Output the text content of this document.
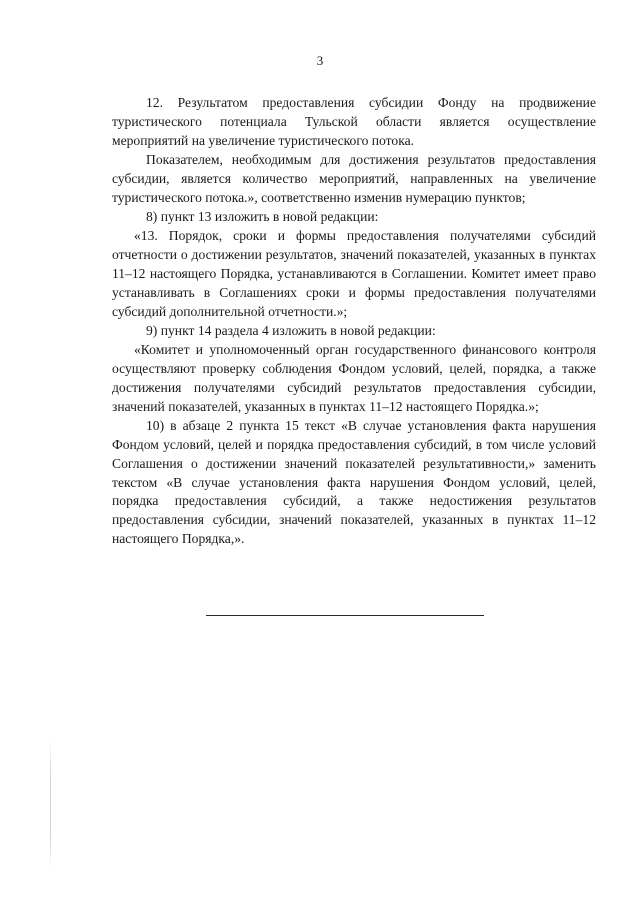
3

12. Результатом предоставления субсидии Фонду на продвижение туристического потенциала Тульской области является осуществление мероприятий на увеличение туристического потока.

Показателем, необходимым для достижения результатов предоставления субсидии, является количество мероприятий, направленных на увеличение туристического потока.», соответственно изменив нумерацию пунктов;

8) пункт 13 изложить в новой редакции:

«13. Порядок, сроки и формы предоставления получателями субсидий отчетности о достижении результатов, значений показателей, указанных в пунктах 11–12 настоящего Порядка, устанавливаются в Соглашении. Комитет имеет право устанавливать в Соглашениях сроки и формы предоставления получателями субсидий дополнительной отчетности.»;

9) пункт 14 раздела 4 изложить в новой редакции:

«Комитет и уполномоченный орган государственного финансового контроля осуществляют проверку соблюдения Фондом условий, целей, порядка, а также достижения получателями субсидий результатов предоставления субсидии, значений показателей, указанных в пунктах 11–12 настоящего Порядка.»;

10) в абзаце 2 пункта 15 текст «В случае установления факта нарушения Фондом условий, целей и порядка предоставления субсидий, в том числе условий Соглашения о достижении значений показателей результативности,» заменить текстом «В случае установления факта нарушения Фондом условий, целей, порядка предоставления субсидий, а также недостижения результатов предоставления субсидии, значений показателей, указанных в пунктах 11–12 настоящего Порядка,».
